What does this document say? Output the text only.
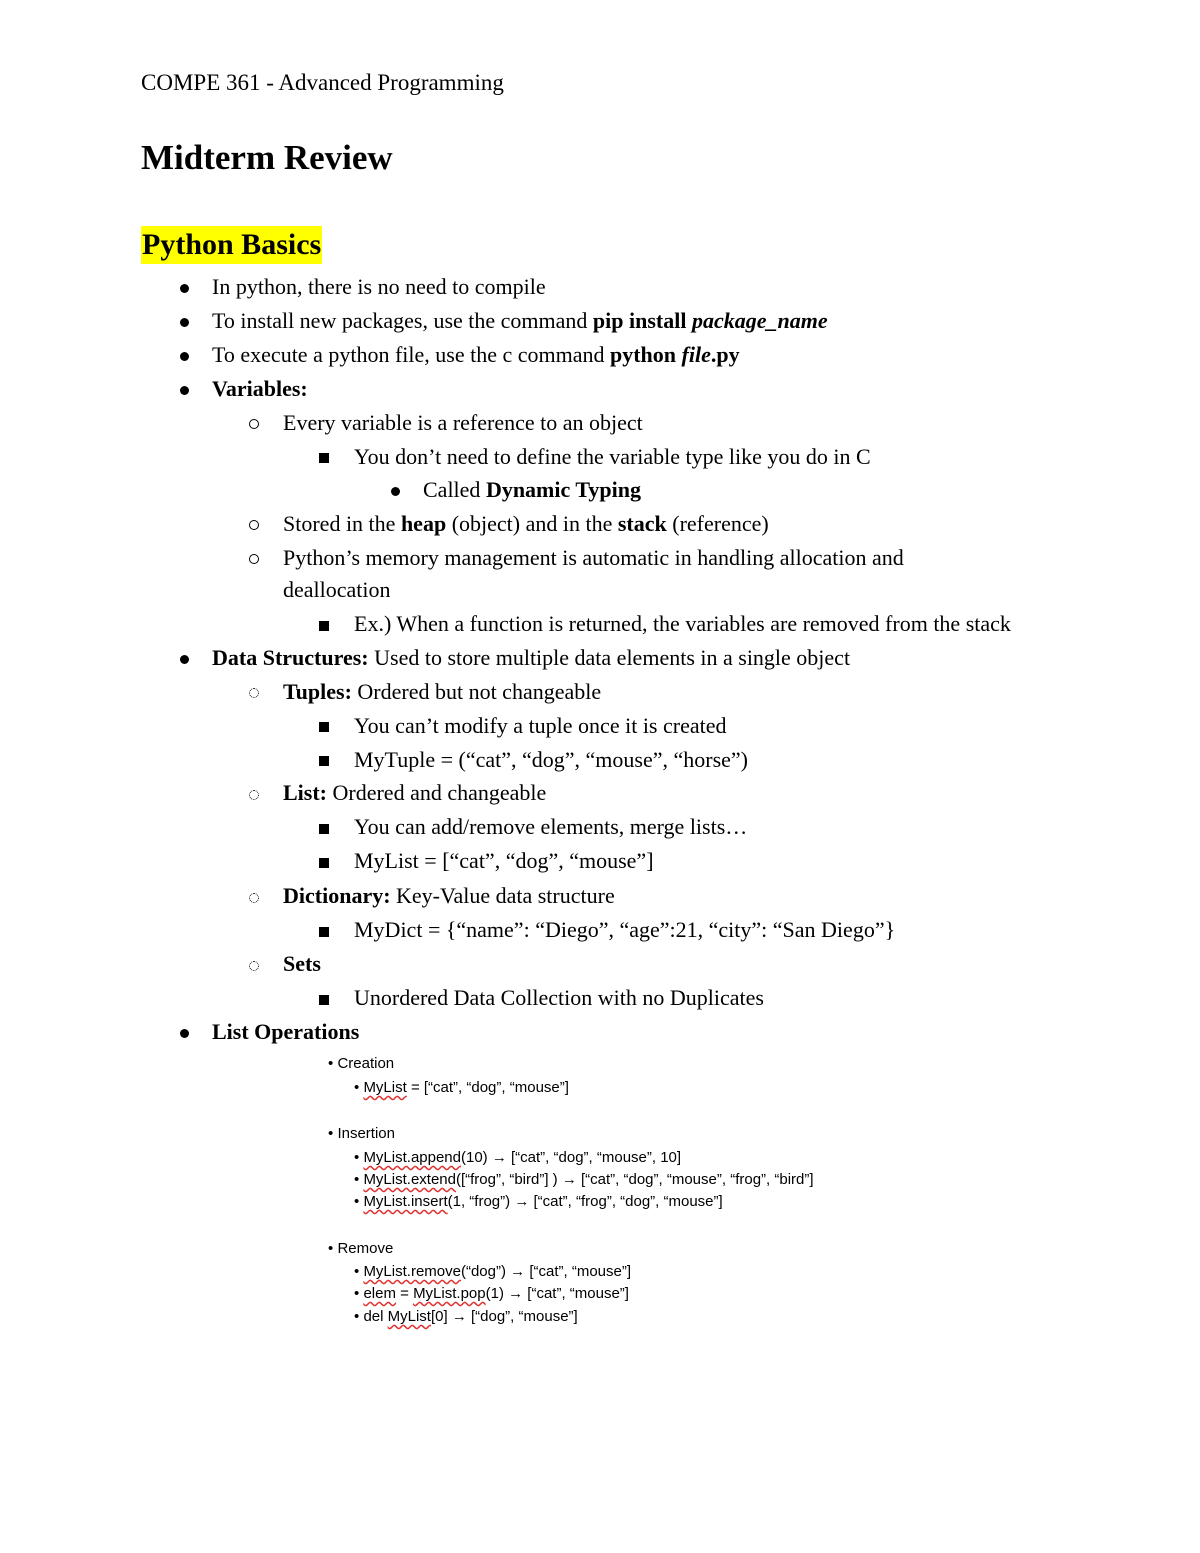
COMPE 361 - Advanced Programming
Midterm Review
Python Basics
In python, there is no need to compile
To install new packages, use the command pip install package_name
To execute a python file, use the c command python file.py
Variables:
Every variable is a reference to an object
You don’t need to define the variable type like you do in C
Called Dynamic Typing
Stored in the heap (object) and in the stack (reference)
Python’s memory management is automatic in handling allocation and
deallocation
Ex.) When a function is returned, the variables are removed from the stack
Data Structures: Used to store multiple data elements in a single object
Tuples: Ordered but not changeable
You can’t modify a tuple once it is created
MyTuple = (“cat”, “dog”, “mouse”, “horse”)
List: Ordered and changeable
You can add/remove elements, merge lists…
MyList = [“cat”, “dog”, “mouse”]
Dictionary: Key-Value data structure
MyDict = {“name”: “Diego”, “age”:21, “city”: “San Diego”}
Sets
Unordered Data Collection with no Duplicates
List Operations
• Creation
• MyList = [“cat”, “dog”, “mouse”]
• Insertion
• MyList.append(10) → [“cat”, “dog”, “mouse”, 10]
• MyList.extend([“frog”, “bird”] ) → [“cat”, “dog”, “mouse”, “frog”, “bird”]
• MyList.insert(1, “frog”) → [“cat”, “frog”, “dog”, “mouse”]
• Remove
• MyList.remove(“dog”) → [“cat”, “mouse”]
• elem = MyList.pop(1) → [“cat”, “mouse”]
• del MyList[0] → [“dog”, “mouse”]
